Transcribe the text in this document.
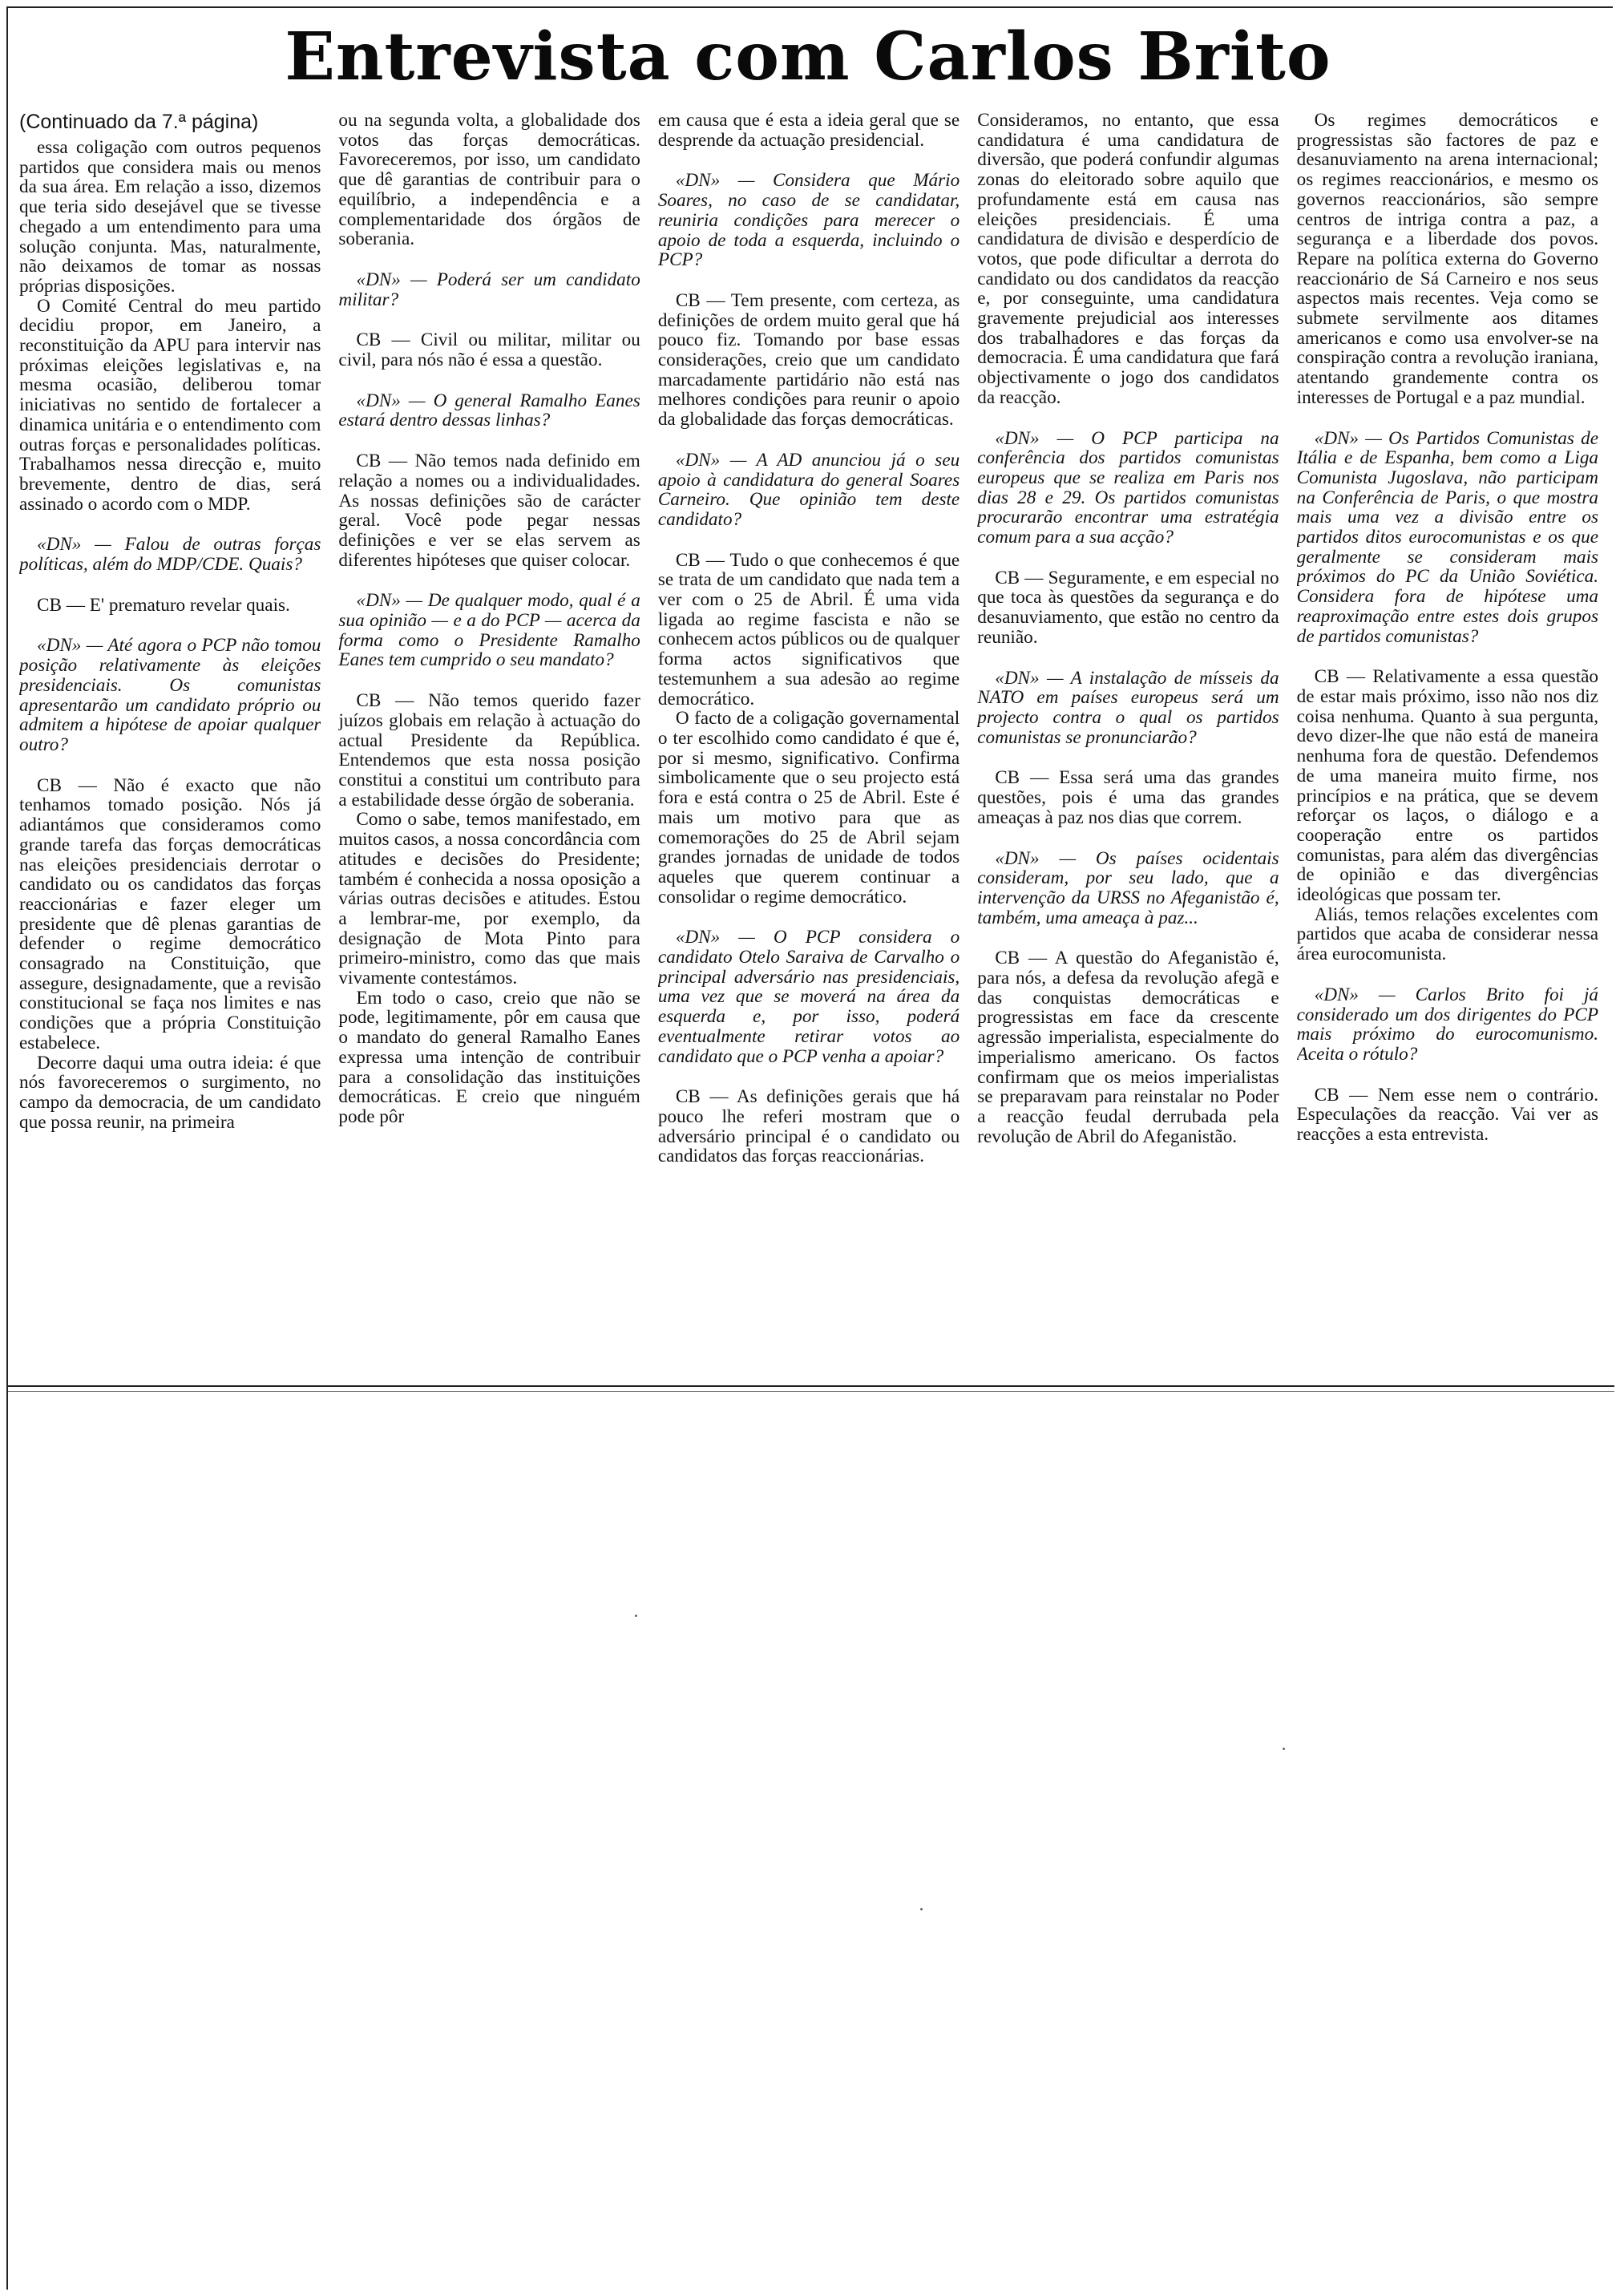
Entrevista com Carlos Brito
(Continuado da 7.ª página)
essa coligação com outros pequenos partidos que considera mais ou menos da sua área. Em relação a isso, dizemos que teria sido desejável que se tivesse chegado a um entendimento para uma solução conjunta. Mas, naturalmente, não deixamos de tomar as nossas próprias disposições.
O Comité Central do meu partido decidiu propor, em Janeiro, a reconstituição da APU para intervir nas próximas eleições legislativas e, na mesma ocasião, deliberou tomar iniciativas no sentido de fortalecer a dinamica unitária e o entendimento com outras forças e personalidades políticas. Trabalhamos nessa direcção e, muito brevemente, dentro de dias, será assinado o acordo com o MDP.
«DN» — Falou de outras forças políticas, além do MDP/CDE. Quais?
CB — E' prematuro revelar quais.
«DN» — Até agora o PCP não tomou posição relativamente às eleições presidenciais. Os comunistas apresentarão um candidato próprio ou admitem a hipótese de apoiar qualquer outro?
CB — Não é exacto que não tenhamos tomado posição. Nós já adiantámos que consideramos como grande tarefa das forças democráticas nas eleições presidenciais derrotar o candidato ou os candidatos das forças reaccionárias e fazer eleger um presidente que dê plenas garantias de defender o regime democrático consagrado na Constituição, que assegure, designadamente, que a revisão constitucional se faça nos limites e nas condições que a própria Constituição estabelece.
Decorre daqui uma outra ideia: é que nós favoreceremos o surgimento, no campo da democracia, de um candidato que possa reunir, na primeira
ou na segunda volta, a globalidade dos votos das forças democráticas. Favoreceremos, por isso, um candidato que dê garantias de contribuir para o equilíbrio, a independência e a complementaridade dos órgãos de soberania.
«DN» — Poderá ser um candidato militar?
CB — Civil ou militar, militar ou civil, para nós não é essa a questão.
«DN» — O general Ramalho Eanes estará dentro dessas linhas?
CB — Não temos nada definido em relação a nomes ou a individualidades. As nossas definições são de carácter geral. Você pode pegar nessas definições e ver se elas servem as diferentes hipóteses que quiser colocar.
«DN» — De qualquer modo, qual é a sua opinião — e a do PCP — acerca da forma como o Presidente Ramalho Eanes tem cumprido o seu mandato?
CB — Não temos querido fazer juízos globais em relação à actuação do actual Presidente da República. Entendemos que esta nossa posição constitui a constitui um contributo para a estabilidade desse órgão de soberania.
Como o sabe, temos manifestado, em muitos casos, a nossa concordância com atitudes e decisões do Presidente; também é conhecida a nossa oposição a várias outras decisões e atitudes. Estou a lembrar-me, por exemplo, da designação de Mota Pinto para primeiro-ministro, como das que mais vivamente contestámos.
Em todo o caso, creio que não se pode, legitimamente, pôr em causa que o mandato do general Ramalho Eanes expressa uma intenção de contribuir para a consolidação das instituições democráticas. E creio que ninguém pode pôr
em causa que é esta a ideia geral que se desprende da actuação presidencial.
«DN» — Considera que Mário Soares, no caso de se candidatar, reuniria condições para merecer o apoio de toda a esquerda, incluindo o PCP?
CB — Tem presente, com certeza, as definições de ordem muito geral que há pouco fiz. Tomando por base essas considerações, creio que um candidato marcadamente partidário não está nas melhores condições para reunir o apoio da globalidade das forças democráticas.
«DN» — A AD anunciou já o seu apoio à candidatura do general Soares Carneiro. Que opinião tem deste candidato?
CB — Tudo o que conhecemos é que se trata de um candidato que nada tem a ver com o 25 de Abril. É uma vida ligada ao regime fascista e não se conhecem actos públicos ou de qualquer forma actos significativos que testemunhem a sua adesão ao regime democrático.
O facto de a coligação governamental o ter escolhido como candidato é que é, por si mesmo, significativo. Confirma simbolicamente que o seu projecto está fora e está contra o 25 de Abril. Este é mais um motivo para que as comemorações do 25 de Abril sejam grandes jornadas de unidade de todos aqueles que querem continuar a consolidar o regime democrático.
«DN» — O PCP considera o candidato Otelo Saraiva de Carvalho o principal adversário nas presidenciais, uma vez que se moverá na área da esquerda e, por isso, poderá eventualmente retirar votos ao candidato que o PCP venha a apoiar?
CB — As definições gerais que há pouco lhe referi mostram que o adversário principal é o candidato ou candidatos das forças reaccionárias.
Consideramos, no entanto, que essa candidatura é uma candidatura de diversão, que poderá confundir algumas zonas do eleitorado sobre aquilo que profundamente está em causa nas eleições presidenciais. É uma candidatura de divisão e desperdício de votos, que pode dificultar a derrota do candidato ou dos candidatos da reacção e, por conseguinte, uma candidatura gravemente prejudicial aos interesses dos trabalhadores e das forças da democracia. É uma candidatura que fará objectivamente o jogo dos candidatos da reacção.
«DN» — O PCP participa na conferência dos partidos comunistas europeus que se realiza em Paris nos dias 28 e 29. Os partidos comunistas procurarão encontrar uma estratégia comum para a sua acção?
CB — Seguramente, e em especial no que toca às questões da segurança e do desanuviamento, que estão no centro da reunião.
«DN» — A instalação de mísseis da NATO em países europeus será um projecto contra o qual os partidos comunistas se pronunciarão?
CB — Essa será uma das grandes questões, pois é uma das grandes ameaças à paz nos dias que correm.
«DN» — Os países ocidentais consideram, por seu lado, que a intervenção da URSS no Afeganistão é, também, uma ameaça à paz...
CB — A questão do Afeganistão é, para nós, a defesa da revolução afegã e das conquistas democráticas e progressistas em face da crescente agressão imperialista, especialmente do imperialismo americano. Os factos confirmam que os meios imperialistas se preparavam para reinstalar no Poder a reacção feudal derrubada pela revolução de Abril do Afeganistão.
Os regimes democráticos e progressistas são factores de paz e desanuviamento na arena internacional; os regimes reaccionários, e mesmo os governos reaccionários, são sempre centros de intriga contra a paz, a segurança e a liberdade dos povos. Repare na política externa do Governo reaccionário de Sá Carneiro e nos seus aspectos mais recentes. Veja como se submete servilmente aos ditames americanos e como usa envolver-se na conspiração contra a revolução iraniana, atentando grandemente contra os interesses de Portugal e a paz mundial.
«DN» — Os Partidos Comunistas de Itália e de Espanha, bem como a Liga Comunista Jugoslava, não participam na Conferência de Paris, o que mostra mais uma vez a divisão entre os partidos ditos eurocomunistas e os que geralmente se consideram mais próximos do PC da União Soviética. Considera fora de hipótese uma reaproximação entre estes dois grupos de partidos comunistas?
CB — Relativamente a essa questão de estar mais próximo, isso não nos diz coisa nenhuma. Quanto à sua pergunta, devo dizer-lhe que não está de maneira nenhuma fora de questão. Defendemos de uma maneira muito firme, nos princípios e na prática, que se devem reforçar os laços, o diálogo e a cooperação entre os partidos comunistas, para além das divergências de opinião e das divergências ideológicas que possam ter.
Aliás, temos relações excelentes com partidos que acaba de considerar nessa área eurocomunista.
«DN» — Carlos Brito foi já considerado um dos dirigentes do PCP mais próximo do eurocomunismo. Aceita o rótulo?
CB — Nem esse nem o contrário. Especulações da reacção. Vai ver as reacções a esta entrevista.
